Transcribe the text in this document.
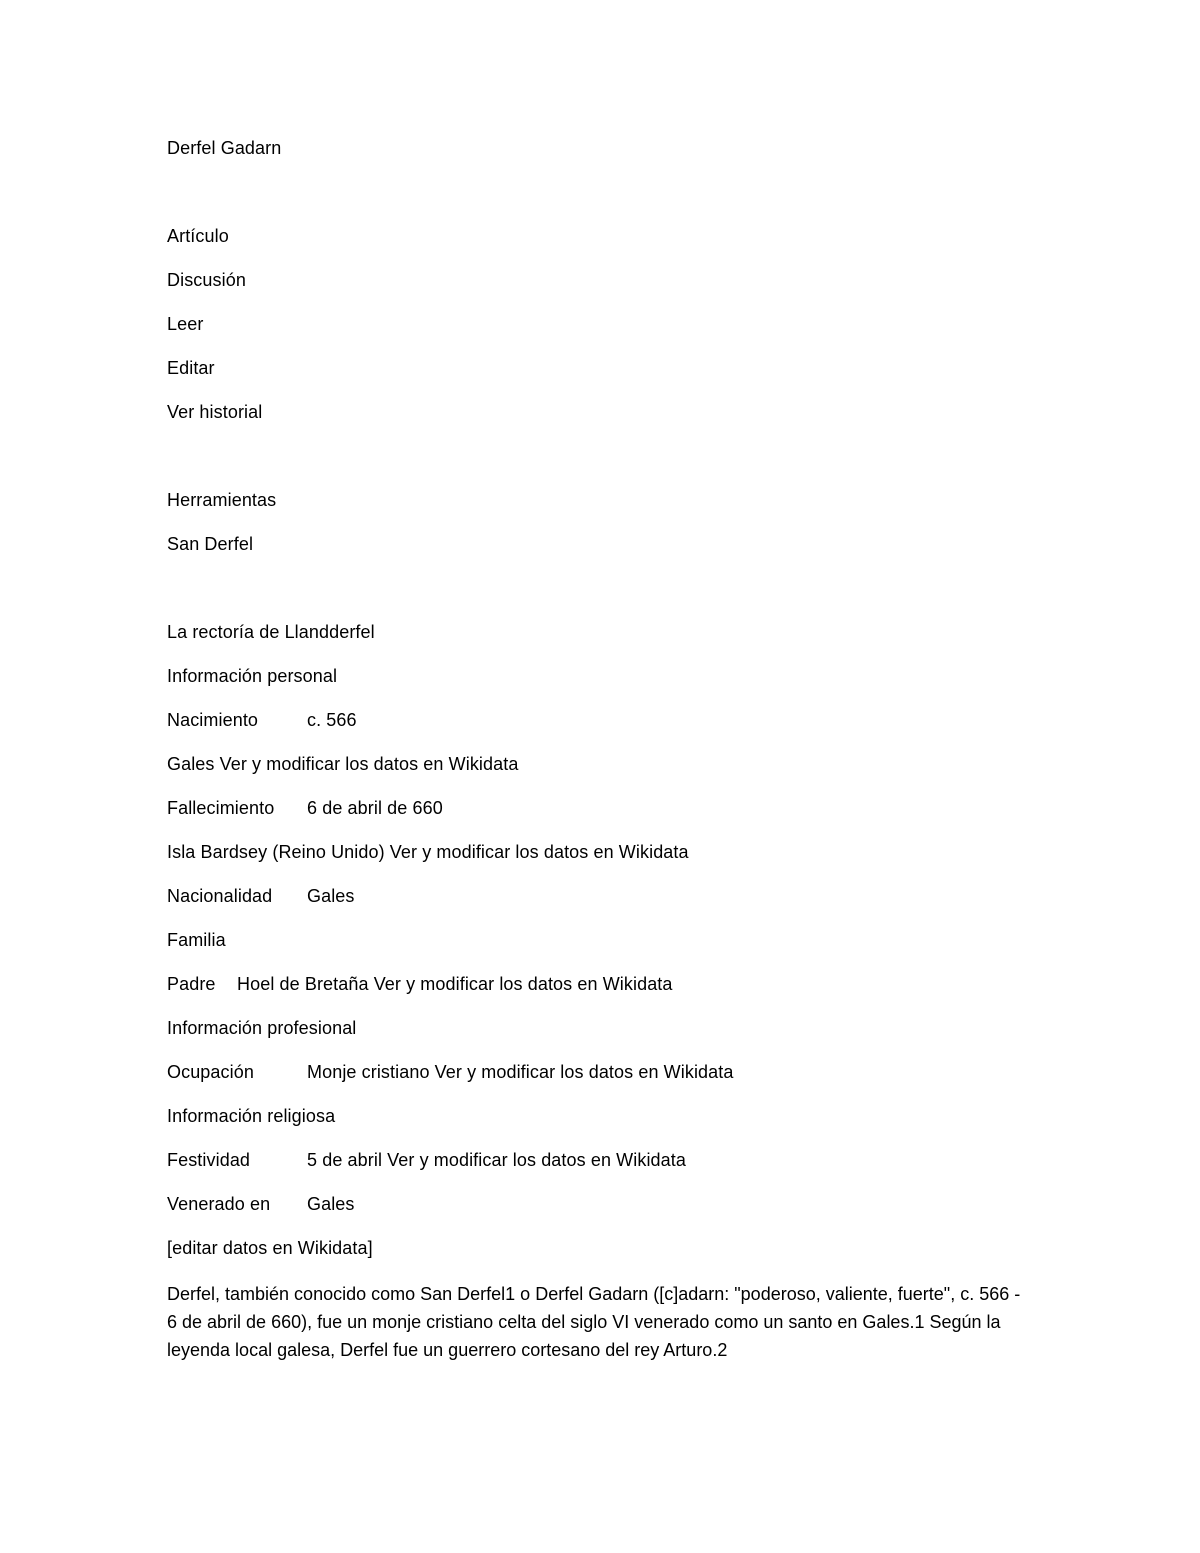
Derfel Gadarn
Artículo
Discusión
Leer
Editar
Ver historial
Herramientas
San Derfel
La rectoría de Llandderfel
Información personal
Nacimiento	c. 566
Gales Ver y modificar los datos en Wikidata
Fallecimiento 6 de abril de 660
Isla Bardsey (Reino Unido) Ver y modificar los datos en Wikidata
Nacionalidad Gales
Familia
Padre Hoel de Bretaña Ver y modificar los datos en Wikidata
Información profesional
Ocupación	Monje cristiano Ver y modificar los datos en Wikidata
Información religiosa
Festividad	5 de abril Ver y modificar los datos en Wikidata
Venerado en Gales
[editar datos en Wikidata]
Derfel, también conocido como San Derfel1 o Derfel Gadarn ([c]adarn: "poderoso, valiente, fuerte", c. 566 - 6 de abril de 660), fue un monje cristiano celta del siglo VI venerado como un santo en Gales.1 Según la leyenda local galesa, Derfel fue un guerrero cortesano del rey Arturo.2
